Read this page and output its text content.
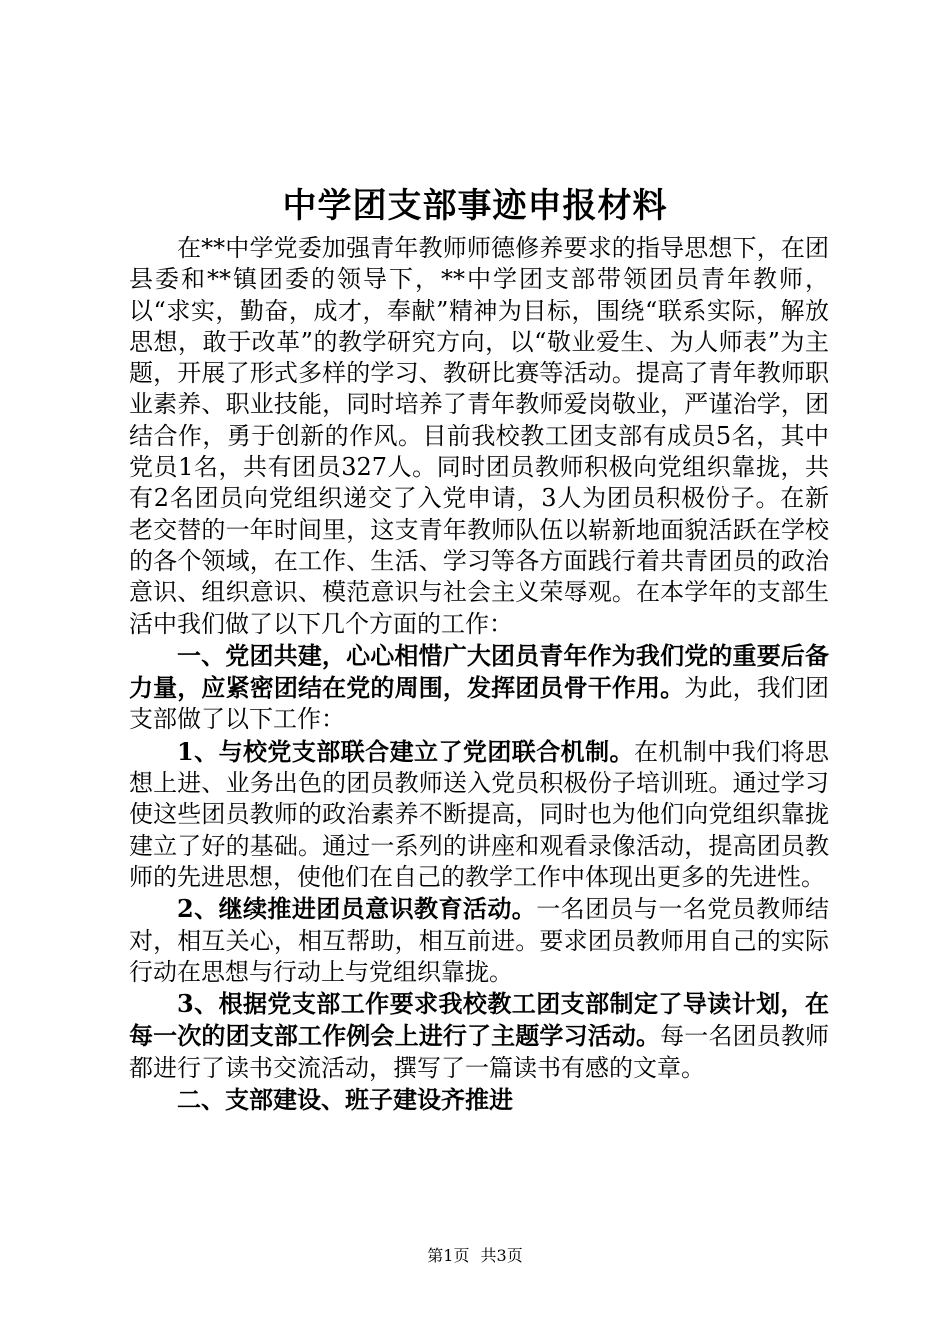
中学团支部事迹申报材料

在**中学党委加强青年教师师德修养要求的指导思想下，在团县委和**镇团委的领导下，**中学团支部带领团员青年教师，以“求实，勤奋，成才，奉献”精神为目标，围绕“联系实际，解放思想，敢于改革”的教学研究方向，以“敬业爱生、为人师表”为主题，开展了形式多样的学习、教研比赛等活动。提高了青年教师职业素养、职业技能，同时培养了青年教师爱岗敬业，严谨治学，团结合作，勇于创新的作风。目前我校教工团支部有成员5名，其中党员1名，共有团员327人。同时团员教师积极向党组织靠拢，共有2名团员向党组织递交了入党申请，3人为团员积极份子。在新老交替的一年时间里，这支青年教师队伍以崭新地面貌活跃在学校的各个领域，在工作、生活、学习等各方面践行着共青团员的政治意识、组织意识、模范意识与社会主义荣辱观。在本学年的支部生活中我们做了以下几个方面的工作：

一、党团共建，心心相惜广大团员青年作为我们党的重要后备力量，应紧密团结在党的周围，发挥团员骨干作用。为此，我们团支部做了以下工作：

1、与校党支部联合建立了党团联合机制。在机制中我们将思想上进、业务出色的团员教师送入党员积极份子培训班。通过学习使这些团员教师的政治素养不断提高，同时也为他们向党组织靠拢建立了好的基础。通过一系列的讲座和观看录像活动，提高团员教师的先进思想，使他们在自己的教学工作中体现出更多的先进性。

2、继续推进团员意识教育活动。一名团员与一名党员教师结对，相互关心，相互帮助，相互前进。要求团员教师用自己的实际行动在思想与行动上与党组织靠拢。

3、根据党支部工作要求我校教工团支部制定了导读计划，在每一次的团支部工作例会上进行了主题学习活动。每一名团员教师都进行了读书交流活动，撰写了一篇读书有感的文章。

二、支部建设、班子建设齐推进

第1页 共3页
